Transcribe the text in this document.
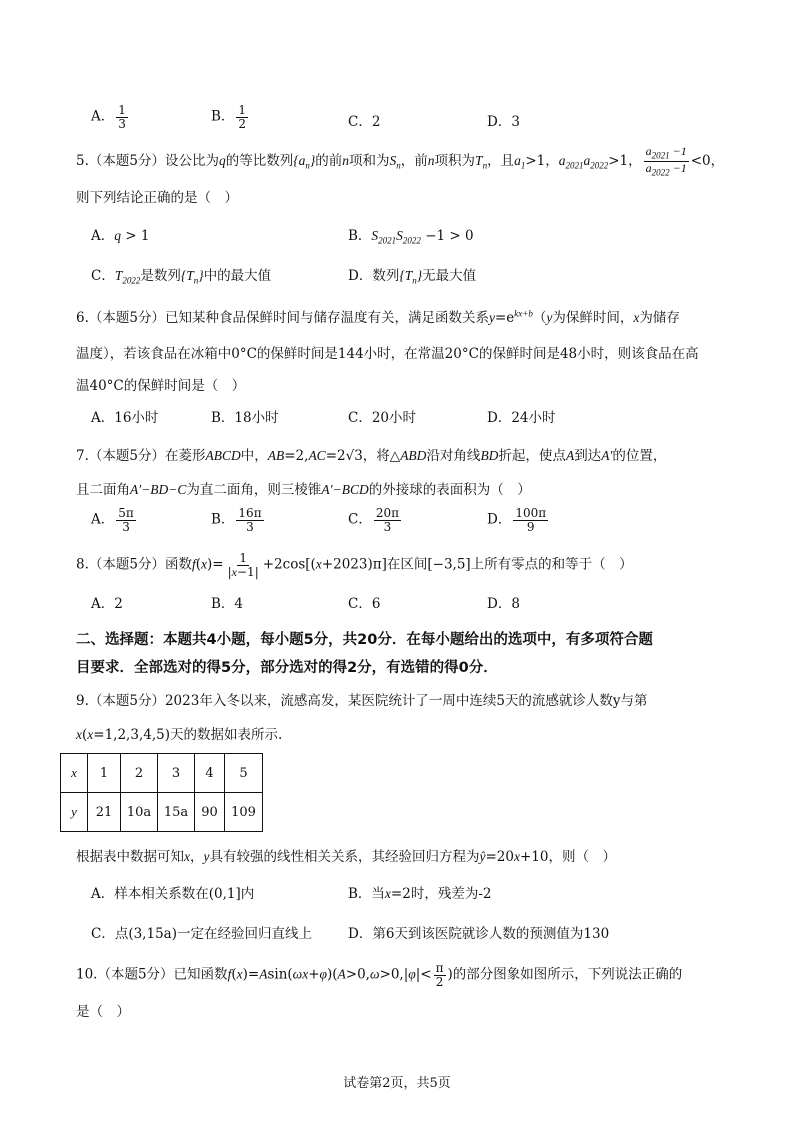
A． $\frac{1}{3}$	B． $\frac{1}{2}$	C．2	D．3
5.（本题5分）设公比为q的等比数列$\{a_n\}$的前n项和为$S_n$，前n项积为$T_n$，且$a_1>1$，$a_{2021}a_{2022}>1$， $\frac{a_{2021} -1}{a_{2022} -1} <0$，
则下列结论正确的是（　）
A．q > 1	B．$S_{2021}S_{2022} -1 > 0$
C．$T_{2022}$是数列$\{T_n\}$中的最大值	D．数列$\{T_n\}$无最大值
6.（本题5分）已知某种食品保鲜时间与储存温度有关，满足函数关系$y=e^{kx+b}(y$为保鲜时间，x为储存
温度），若该食品在冰箱中0°C的保鲜时间是144小时，在常温20°C的保鲜时间是48小时，则该食品在高
温40°C的保鲜时间是（　）
A．16小时	B．18小时	C．20小时	D．24小时
7.（本题5分）在菱形ABCD中，AB=2,AC=2√3，将△ABD沿对角线BD折起，使点A到达A′的位置，
且二面角A′−BD−C为直二面角，则三棱锥A′−BCD的外接球的表面积为（　）
A． $\frac{5\pi}{3}$	B． $\frac{16\pi}{3}$	C． $\frac{20\pi}{3}$	D． $\frac{100\pi}{9}$
8.（本题5分）函数$f(x)= \frac{1}{|x-1|} +2\cos[(x+2023)\pi]$在区间[−3,5]上所有零点的和等于（　）
A．2	B．4	C．6	D．8
二、选择题：本题共4小题，每小题5分，共20分．在每小题给出的选项中，有多项符合题
目要求．全部选对的得5分，部分选对的得2分，有选错的得0分．
9.（本题5分）2023年入冬以来，流感高发，某医院统计了一周中连续5天的流感就诊人数y与第
x(x=1,2,3,4,5)天的数据如表所示.
x	1	2	3	4	5
y	21	10a	15a	90	109
根据表中数据可知x，y具有较强的线性相关关系，其经验回归方程为ŷ=20x+10，则（　）
A．样本相关系数在(0,1]内	B．当x=2时，残差为-2
C．点(3,15a)一定在经验回归直线上	D．第6天到该医院就诊人数的预测值为130
10.（本题5分）已知函数$f(x)=Asin(\omega x+\varphi)(A>0,\omega>0,|\varphi|< \frac{\pi}{2}$ )的部分图象如图所示，下列说法正确的
是（　）
试卷第2页，共5页
